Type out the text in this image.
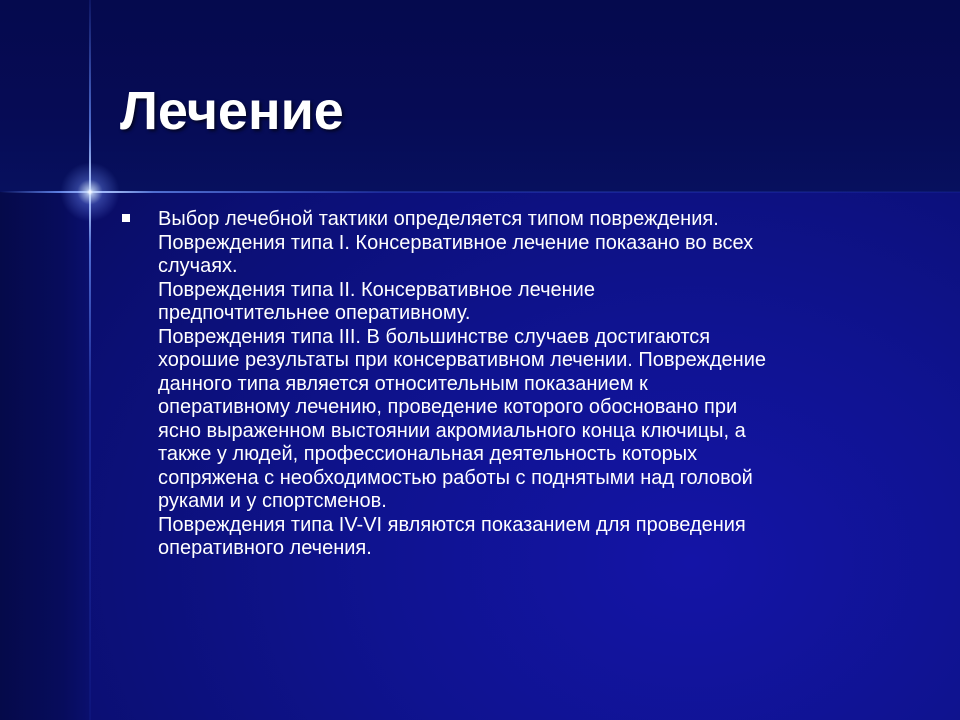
Лечение
Выбор лечебной тактики определяется типом повреждения.
Повреждения типа I. Консервативное лечение показано во всех
случаях.
Повреждения типа II. Консервативное лечение
предпочтительнее оперативному.
Повреждения типа III. В большинстве случаев достигаются
хорошие результаты при консервативном лечении. Повреждение
данного типа является относительным показанием к
оперативному лечению, проведение которого обосновано при
ясно выраженном выстоянии акромиального конца ключицы, а
также у людей, профессиональная деятельность которых
сопряжена с необходимостью работы с поднятыми над головой
руками и у спортсменов.
Повреждения типа IV-VI являются показанием для проведения
оперативного лечения.
